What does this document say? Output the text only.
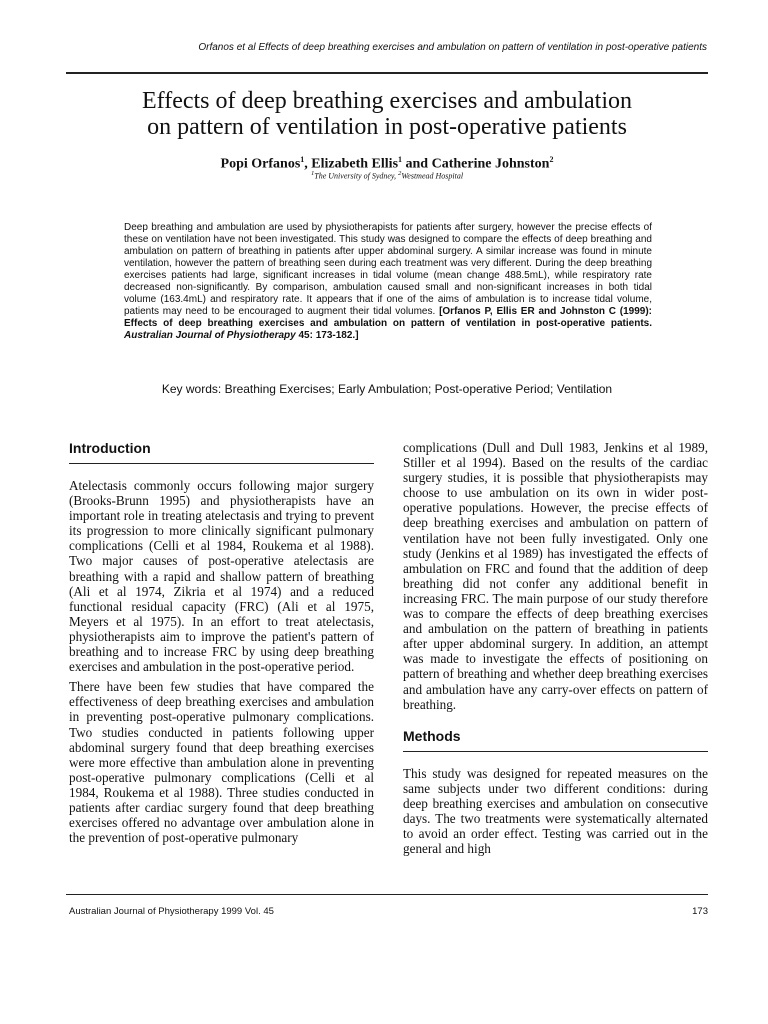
Orfanos et al Effects of deep breathing exercises and ambulation on pattern of ventilation in post-operative patients
Effects of deep breathing exercises and ambulation
on pattern of ventilation in post-operative patients
Popi Orfanos$^1$, Elizabeth Ellis$^1$ and Catherine Johnston$^2$
$^1$The University of Sydney, $^2$Westmead Hospital

Deep breathing and ambulation are used by physiotherapists for patients after surgery, however the precise effects of these on ventilation have not been investigated. This study was designed to compare the effects of deep breathing and ambulation on pattern of breathing in patients after upper abdominal surgery. A similar increase was found in minute ventilation, however the pattern of breathing seen during each treatment was very different. During the deep breathing exercises patients had large, significant increases in tidal volume (mean change 488.5mL), while respiratory rate decreased non-significantly. By comparison, ambulation caused small and non-significant increases in both tidal volume (163.4mL) and respiratory rate. It appears that if one of the aims of ambulation is to increase tidal volume, patients may need to be encouraged to augment their tidal volumes. [Orfanos P, Ellis ER and Johnston C (1999): Effects of deep breathing exercises and ambulation on pattern of ventilation in post-operative patients. Australian Journal of Physiotherapy 45: 173-182.]

Key words: Breathing Exercises; Early Ambulation; Post-operative Period; Ventilation
Introduction

Atelectasis commonly occurs following major surgery (Brooks-Brunn 1995) and physiotherapists have an important role in treating atelectasis and trying to prevent its progression to more clinically significant pulmonary complications (Celli et al 1984, Roukema et al 1988). Two major causes of post-operative atelectasis are breathing with a rapid and shallow pattern of breathing (Ali et al 1974, Zikria et al 1974) and a reduced functional residual capacity (FRC) (Ali et al 1975, Meyers et al 1975). In an effort to treat atelectasis, physiotherapists aim to improve the patient's pattern of breathing and to increase FRC by using deep breathing exercises and ambulation in the post-operative period.

There have been few studies that have compared the effectiveness of deep breathing exercises and ambulation in preventing post-operative pulmonary complications. Two studies conducted in patients following upper abdominal surgery found that deep breathing exercises were more effective than ambulation alone in preventing post-operative pulmonary complications (Celli et al 1984, Roukema et al 1988). Three studies conducted in patients after cardiac surgery found that deep breathing exercises offered no advantage over ambulation alone in the prevention of post-operative pulmonary

complications (Dull and Dull 1983, Jenkins et al 1989, Stiller et al 1994). Based on the results of the cardiac surgery studies, it is possible that physiotherapists may choose to use ambulation on its own in wider post-operative populations. However, the precise effects of deep breathing exercises and ambulation on pattern of ventilation have not been fully investigated. Only one study (Jenkins et al 1989) has investigated the effects of ambulation on FRC and found that the addition of deep breathing did not confer any additional benefit in increasing FRC. The main purpose of our study therefore was to compare the effects of deep breathing exercises and ambulation on the pattern of breathing in patients after upper abdominal surgery. In addition, an attempt was made to investigate the effects of positioning on pattern of breathing and whether deep breathing exercises and ambulation have any carry-over effects on pattern of breathing.

Methods

This study was designed for repeated measures on the same subjects under two different conditions: during deep breathing exercises and ambulation on consecutive days. The two treatments were systematically alternated to avoid an order effect. Testing was carried out in the general and high

Australian Journal of Physiotherapy 1999 Vol. 45	173
